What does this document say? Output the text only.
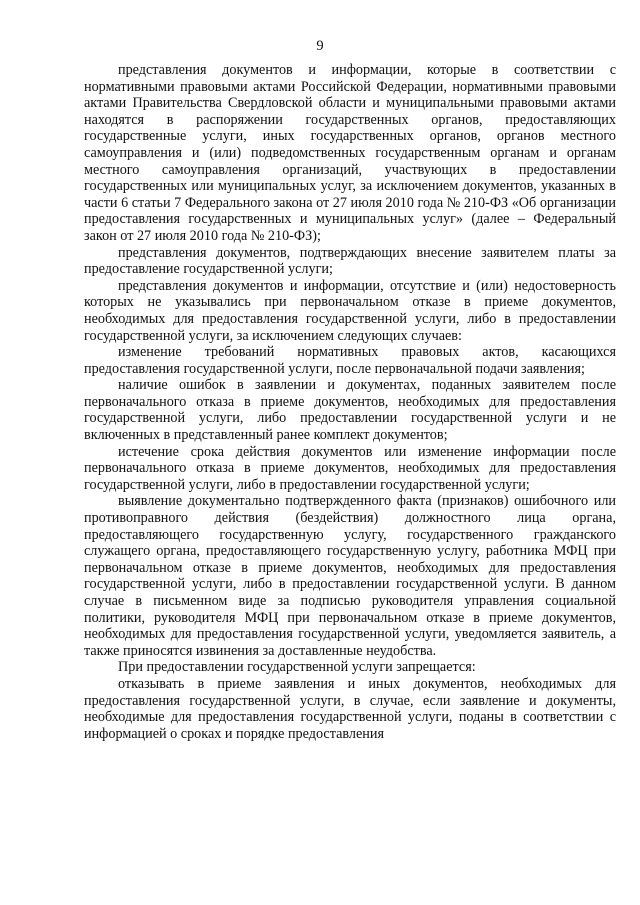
9

представления документов и информации, которые в соответствии с нормативными правовыми актами Российской Федерации, нормативными правовыми актами Правительства Свердловской области и муниципальными правовыми актами находятся в распоряжении государственных органов, предоставляющих государственные услуги, иных государственных органов, органов местного самоуправления и (или) подведомственных государственным органам и органам местного самоуправления организаций, участвующих в предоставлении государственных или муниципальных услуг, за исключением документов, указанных в части 6 статьи 7 Федерального закона от 27 июля 2010 года № 210-ФЗ «Об организации предоставления государственных и муниципальных услуг» (далее – Федеральный закон от 27 июля 2010 года № 210-ФЗ);

представления документов, подтверждающих внесение заявителем платы за предоставление государственной услуги;

представления документов и информации, отсутствие и (или) недостоверность которых не указывались при первоначальном отказе в приеме документов, необходимых для предоставления государственной услуги, либо в предоставлении государственной услуги, за исключением следующих случаев:

изменение требований нормативных правовых актов, касающихся предоставления государственной услуги, после первоначальной подачи заявления;

наличие ошибок в заявлении и документах, поданных заявителем после первоначального отказа в приеме документов, необходимых для предоставления государственной услуги, либо предоставлении государственной услуги и не включенных в представленный ранее комплект документов;

истечение срока действия документов или изменение информации после первоначального отказа в приеме документов, необходимых для предоставления государственной услуги, либо в предоставлении государственной услуги;

выявление документально подтвержденного факта (признаков) ошибочного или противоправного действия (бездействия) должностного лица органа, предоставляющего государственную услугу, государственного гражданского служащего органа, предоставляющего государственную услугу, работника МФЦ при первоначальном отказе в приеме документов, необходимых для предоставления государственной услуги, либо в предоставлении государственной услуги. В данном случае в письменном виде за подписью руководителя управления социальной политики, руководителя МФЦ при первоначальном отказе в приеме документов, необходимых для предоставления государственной услуги, уведомляется заявитель, а также приносятся извинения за доставленные неудобства.

При предоставлении государственной услуги запрещается:

отказывать в приеме заявления и иных документов, необходимых для предоставления государственной услуги, в случае, если заявление и документы, необходимые для предоставления государственной услуги, поданы в соответствии с информацией о сроках и порядке предоставления
